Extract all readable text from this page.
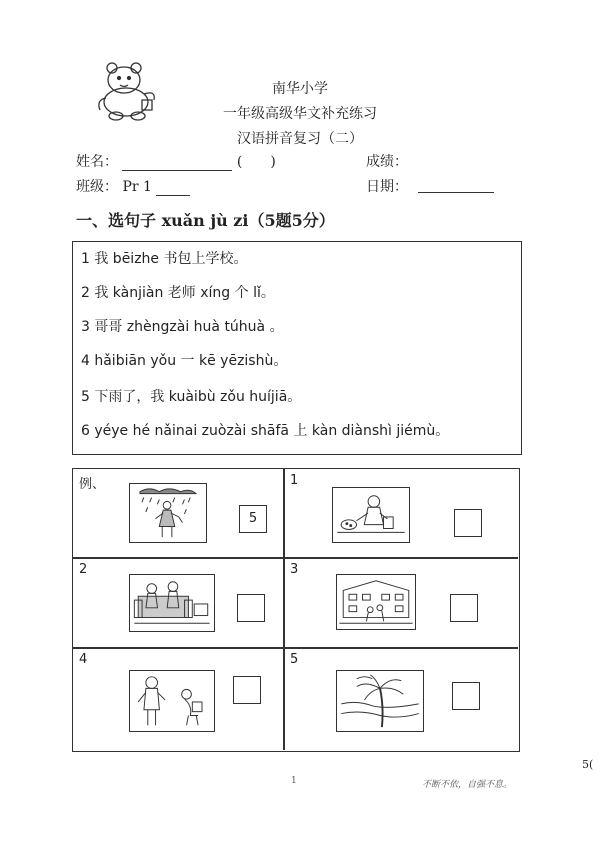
南华小学
一年级高级华文补充练习
汉语拼音复习（二）
姓名：	(　　)	成绩：
班级： Pr 1	日期：
一、选句子 xuǎn jù zi（5题5分）
1 我 bēizhe 书包上学校。
2 我 kànjiàn 老师 xíng 个 lǐ。
3 哥哥 zhèngzài huà túhuà 。
4 hǎibiān yǒu 一 kē yēzishù。
5 下雨了，我 kuàibù zǒu huíjiā。
6 yéye hé nǎinai zuòzài shāfā 上 kàn diànshì jiémù。
例、
5
1
2	3
4	5
1	不断不依，自强不息。
5(
